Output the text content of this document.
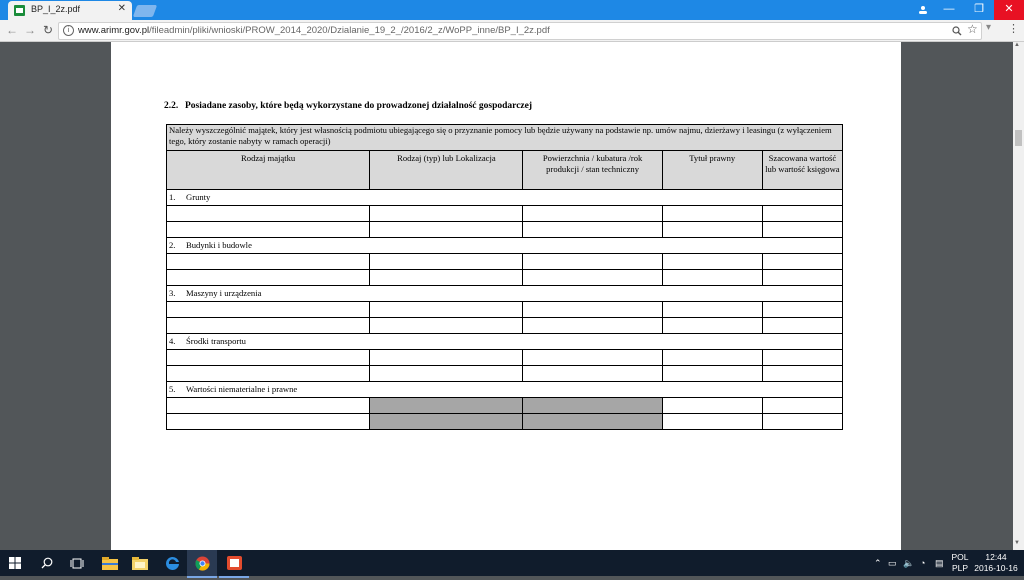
BP_I_2z.pdf	✕	—	❐	✕
← → ↻	i www.arimr.gov.pl/fileadmin/pliki/wnioski/PROW_2014_2020/Dzialanie_19_2_/2016/2_z/WoPP_inne/BP_I_2z.pdf	☆ ▾ ⋮
2.2. Posiadane zasoby, które będą wykorzystane do prowadzonej działalność gospodarczej
Należy wyszczególnić majątek, który jest własnością podmiotu ubiegającego się o przyznanie pomocy lub będzie używany na podstawie np. umów najmu, dzierżawy i leasingu (z wyłączeniem tego, który zostanie nabyty w ramach operacji)				
Rodzaj majątku	Rodzaj (typ) lub Lokalizacja	Powierzchnia / kubatura /rok produkcji / stan techniczny	Tytuł prawny	Szacowana wartość lub wartość księgowa
1. Grunty				

2. Budynki i budowle				

3. Maszyny i urządzenia				

4. Środki transportu				

5. Wartości niematerialne i prawne				

▲
▼
⌃ ▭ 🔈 ◔ ▤
POL
PLP
12:44
2016-10-16
